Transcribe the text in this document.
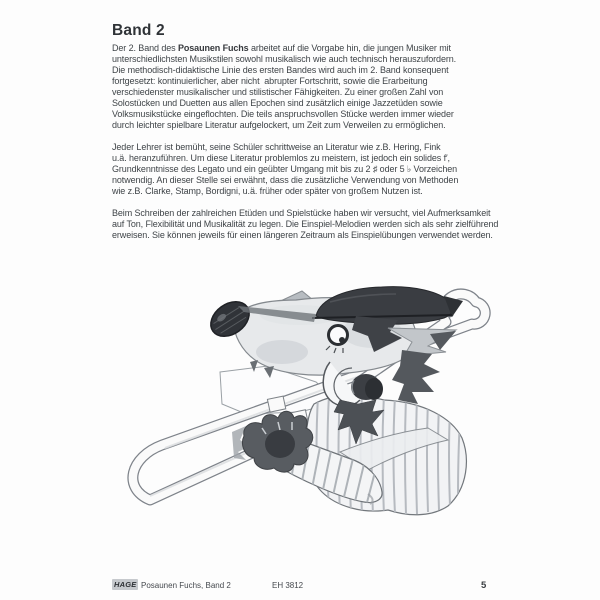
Band 2

Der 2. Band des Posaunen Fuchs arbeitet auf die Vorgabe hin, die jungen Musiker mit
unterschiedlichsten Musikstilen sowohl musikalisch wie auch technisch herauszufordern.
Die methodisch-didaktische Linie des ersten Bandes wird auch im 2. Band konsequent
fortgesetzt: kontinuierlicher, aber nicht  abrupter Fortschritt, sowie die Erarbeitung
verschiedenster musikalischer und stilistischer Fähigkeiten. Zu einer großen Zahl von
Solostücken und Duetten aus allen Epochen sind zusätzlich einige Jazzetüden sowie
Volksmusikstücke eingeflochten. Die teils anspruchsvollen Stücke werden immer wieder
durch leichter spielbare Literatur aufgelockert, um Zeit zum Verweilen zu ermöglichen.

Jeder Lehrer ist bemüht, seine Schüler schrittweise an Literatur wie z.B. Hering, Fink
u.ä. heranzuführen. Um diese Literatur problemlos zu meistern, ist jedoch ein solides f′,
Grundkenntnisse des Legato und ein geübter Umgang mit bis zu 2 ♯ oder 5 ♭ Vorzeichen
notwendig. An dieser Stelle sei erwähnt, dass die zusätzliche Verwendung von Methoden
wie z.B. Clarke, Stamp, Bordigni, u.ä. früher oder später von großem Nutzen ist.

Beim Schreiben der zahlreichen Etüden und Spielstücke haben wir versucht, viel Aufmerksamkeit
auf Ton, Flexibilität und Musikalität zu legen. Die Einspiel-Melodien werden sich als sehr zielführend
erweisen. Sie können jeweils für einen längeren Zeitraum als Einspielübungen verwendet werden.

HAGE Posaunen Fuchs, Band 2	EH 3812	5
